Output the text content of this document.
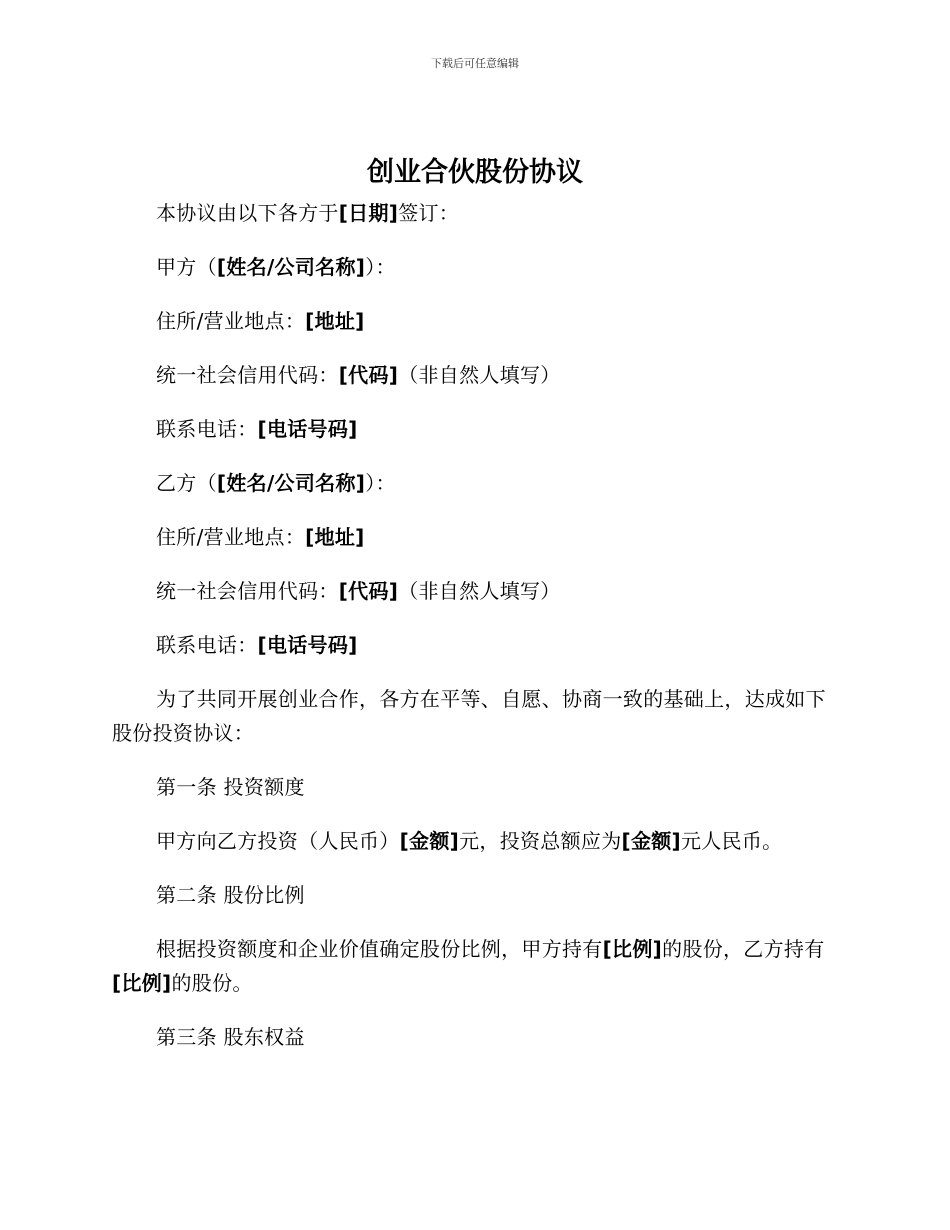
下载后可任意编辑
创业合伙股份协议

本协议由以下各方于[日期]签订：

甲方（[姓名/公司名称]）：

住所/营业地点：[地址]

统一社会信用代码：[代码]（非自然人填写）

联系电话：[电话号码]

乙方（[姓名/公司名称]）：

住所/营业地点：[地址]

统一社会信用代码：[代码]（非自然人填写）

联系电话：[电话号码]

为了共同开展创业合作，各方在平等、自愿、协商一致的基础上，达成如下股份投资协议：

第一条 投资额度

甲方向乙方投资（人民币）[金额]元，投资总额应为[金额]元人民币。

第二条 股份比例

根据投资额度和企业价值确定股份比例，甲方持有[比例]的股份，乙方持有[比例]的股份。

第三条 股东权益
